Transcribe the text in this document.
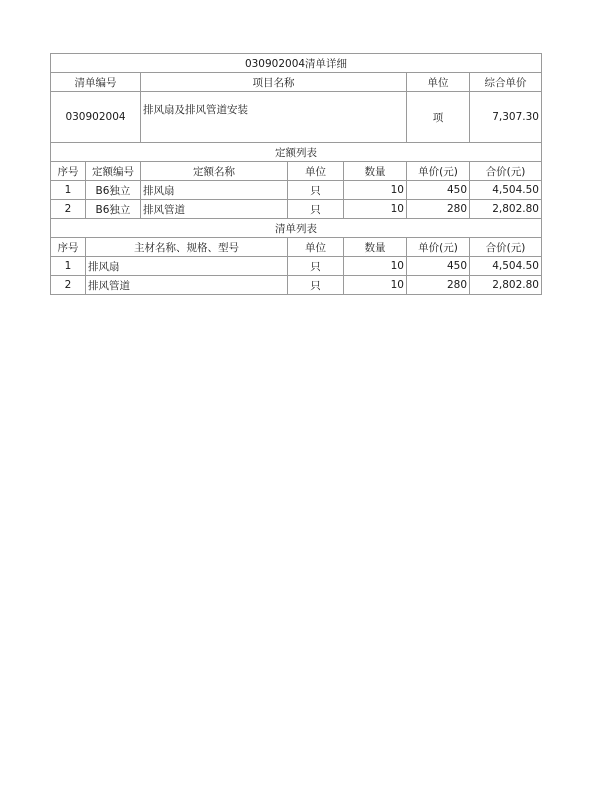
030902004清单详细						
清单编号		项目名称			单位	综合单价
030902004		排风扇及排风管道安装			项	7,307.30
定额列表						
序号	定额编号	定额名称	单位	数量	单价(元)	合价(元)
1	B6独立	排风扇	只	10	450	4,504.50
2	B6独立	排风管道	只	10	280	2,802.80
清单列表						
序号	主材名称、规格、型号		单位	数量	单价(元)	合价(元)
1	排风扇		只	10	450	4,504.50
2	排风管道		只	10	280	2,802.80
